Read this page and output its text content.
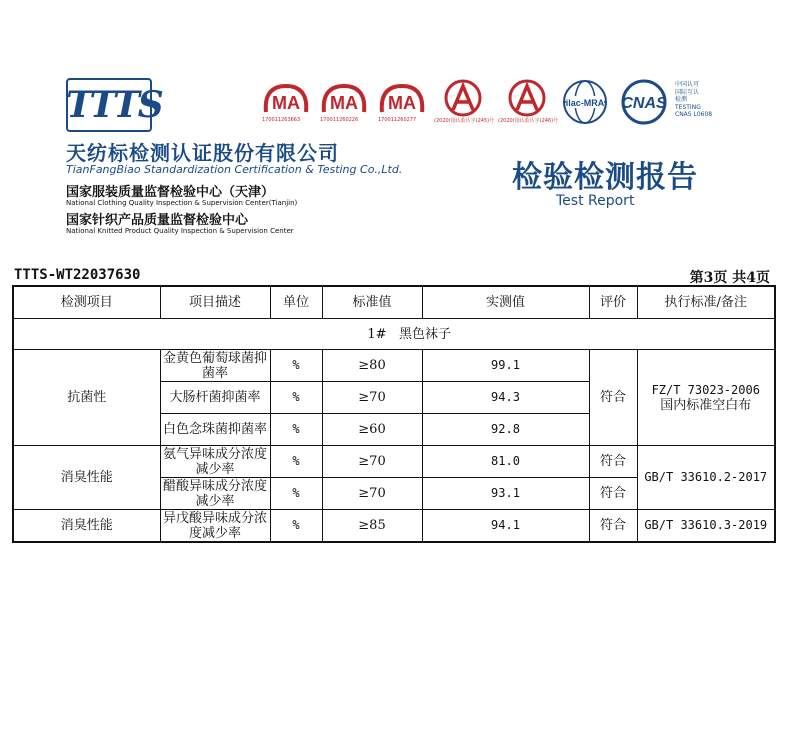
TTTS
天纺标检测认证股份有限公司
TianFangBiao Standardization Certification & Testing Co.,Ltd.
国家服装质量监督检验中心（天津）
National Clothing Quality Inspection & Supervision Center(Tianjin)
国家针织产品质量监督检验中心
National Knitted Product Quality Inspection & Supervision Center
MA
170011263663
MA
170011260226
MA
170011260277	(2020)国认监认字(245)号 (2020)国认监认字(246)号
ilac-MRA CNAS
中国认可
国际互认
检测
TESTING
CNAS L0608
检验检测报告
Test Report
TTTS-WT22037630	第3页 共4页
检测项目	项目描述	单位	标准值	实测值	评价	执行标准/备注
1# 黑色袜子						
抗菌性	金黄色葡萄球菌抑菌率	%	≥80	99.1	符合	FZ/T 73023-2006
国内标准空白布

	大肠杆菌抑菌率	%	≥70	94.3		
	白色念珠菌抑菌率	%	≥60	92.8		
消臭性能	氨气异味成分浓度减少率	%	≥70	81.0	符合	GB/T 33610.2-2017
	醋酸异味成分浓度减少率	%	≥70	93.1	符合	
消臭性能	异戊酸异味成分浓度减少率	%	≥85	94.1	符合	GB/T 33610.3-2019
